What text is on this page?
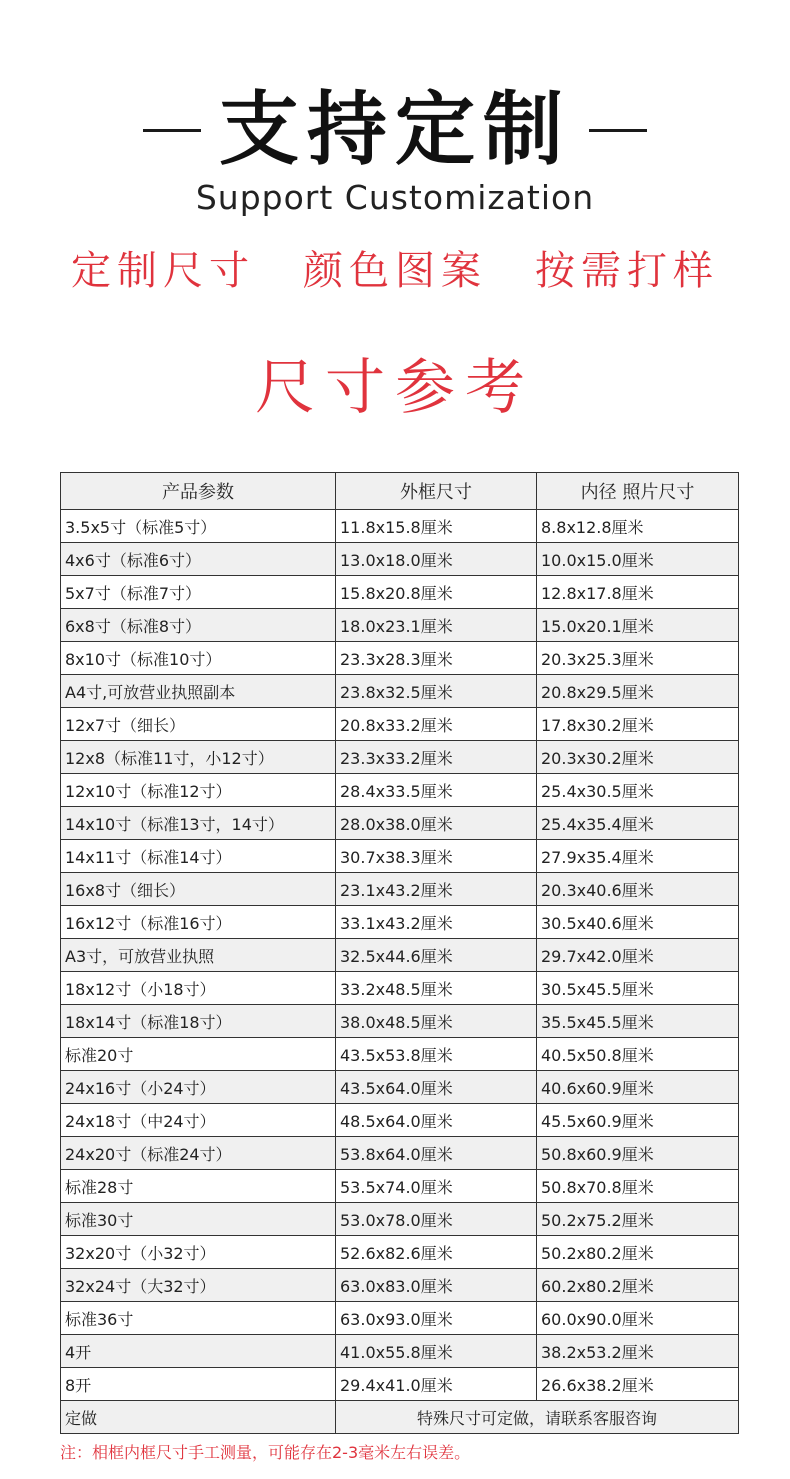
支持定制
Support Customization
定制尺寸 颜色图案 按需打样
尺寸参考
产品参数	外框尺寸	内径 照片尺寸
3.5x5寸（标准5寸）	11.8x15.8厘米	8.8x12.8厘米
4x6寸（标准6寸）	13.0x18.0厘米	10.0x15.0厘米
5x7寸（标准7寸）	15.8x20.8厘米	12.8x17.8厘米
6x8寸（标准8寸）	18.0x23.1厘米	15.0x20.1厘米
8x10寸（标准10寸）	23.3x28.3厘米	20.3x25.3厘米
A4寸,可放营业执照副本	23.8x32.5厘米	20.8x29.5厘米
12x7寸（细长）	20.8x33.2厘米	17.8x30.2厘米
12x8（标准11寸，小12寸）	23.3x33.2厘米	20.3x30.2厘米
12x10寸（标准12寸）	28.4x33.5厘米	25.4x30.5厘米
14x10寸（标准13寸，14寸）	28.0x38.0厘米	25.4x35.4厘米
14x11寸（标准14寸）	30.7x38.3厘米	27.9x35.4厘米
16x8寸（细长）	23.1x43.2厘米	20.3x40.6厘米
16x12寸（标准16寸）	33.1x43.2厘米	30.5x40.6厘米
A3寸，可放营业执照	32.5x44.6厘米	29.7x42.0厘米
18x12寸（小18寸）	33.2x48.5厘米	30.5x45.5厘米
18x14寸（标准18寸）	38.0x48.5厘米	35.5x45.5厘米
标准20寸	43.5x53.8厘米	40.5x50.8厘米
24x16寸（小24寸）	43.5x64.0厘米	40.6x60.9厘米
24x18寸（中24寸）	48.5x64.0厘米	45.5x60.9厘米
24x20寸（标准24寸）	53.8x64.0厘米	50.8x60.9厘米
标准28寸	53.5x74.0厘米	50.8x70.8厘米
标准30寸	53.0x78.0厘米	50.2x75.2厘米
32x20寸（小32寸）	52.6x82.6厘米	50.2x80.2厘米
32x24寸（大32寸）	63.0x83.0厘米	60.2x80.2厘米
标准36寸	63.0x93.0厘米	60.0x90.0厘米
4开	41.0x55.8厘米	38.2x53.2厘米
8开	29.4x41.0厘米	26.6x38.2厘米
定做	特殊尺寸可定做，请联系客服咨询	
注：相框内框尺寸手工测量，可能存在2-3毫米左右误差。
